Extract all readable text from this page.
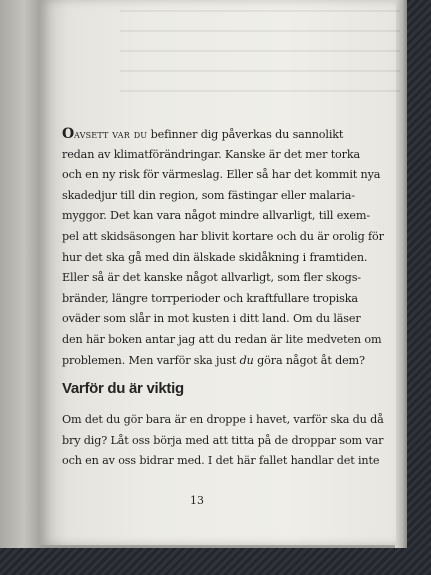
Oavsett var du befinner dig påverkas du sannolikt
redan av klimatförändringar. Kanske är det mer torka
och en ny risk för värmeslag. Eller så har det kommit nya
skadedjur till din region, som fästingar eller malaria-
myggor. Det kan vara något mindre allvarligt, till exem-
pel att skidsäsongen har blivit kortare och du är orolig för
hur det ska gå med din älskade skidåkning i framtiden.
Eller så är det kanske något allvarligt, som fler skogs-
bränder, längre torrperioder och kraftfullare tropiska
oväder som slår in mot kusten i ditt land. Om du läser
den här boken antar jag att du redan är lite medveten om
problemen. Men varför ska just du göra något åt dem?
Varför du är viktig
Om det du gör bara är en droppe i havet, varför ska du då
bry dig? Låt oss börja med att titta på de droppar som var
och en av oss bidrar med. I det här fallet handlar det inte
13
